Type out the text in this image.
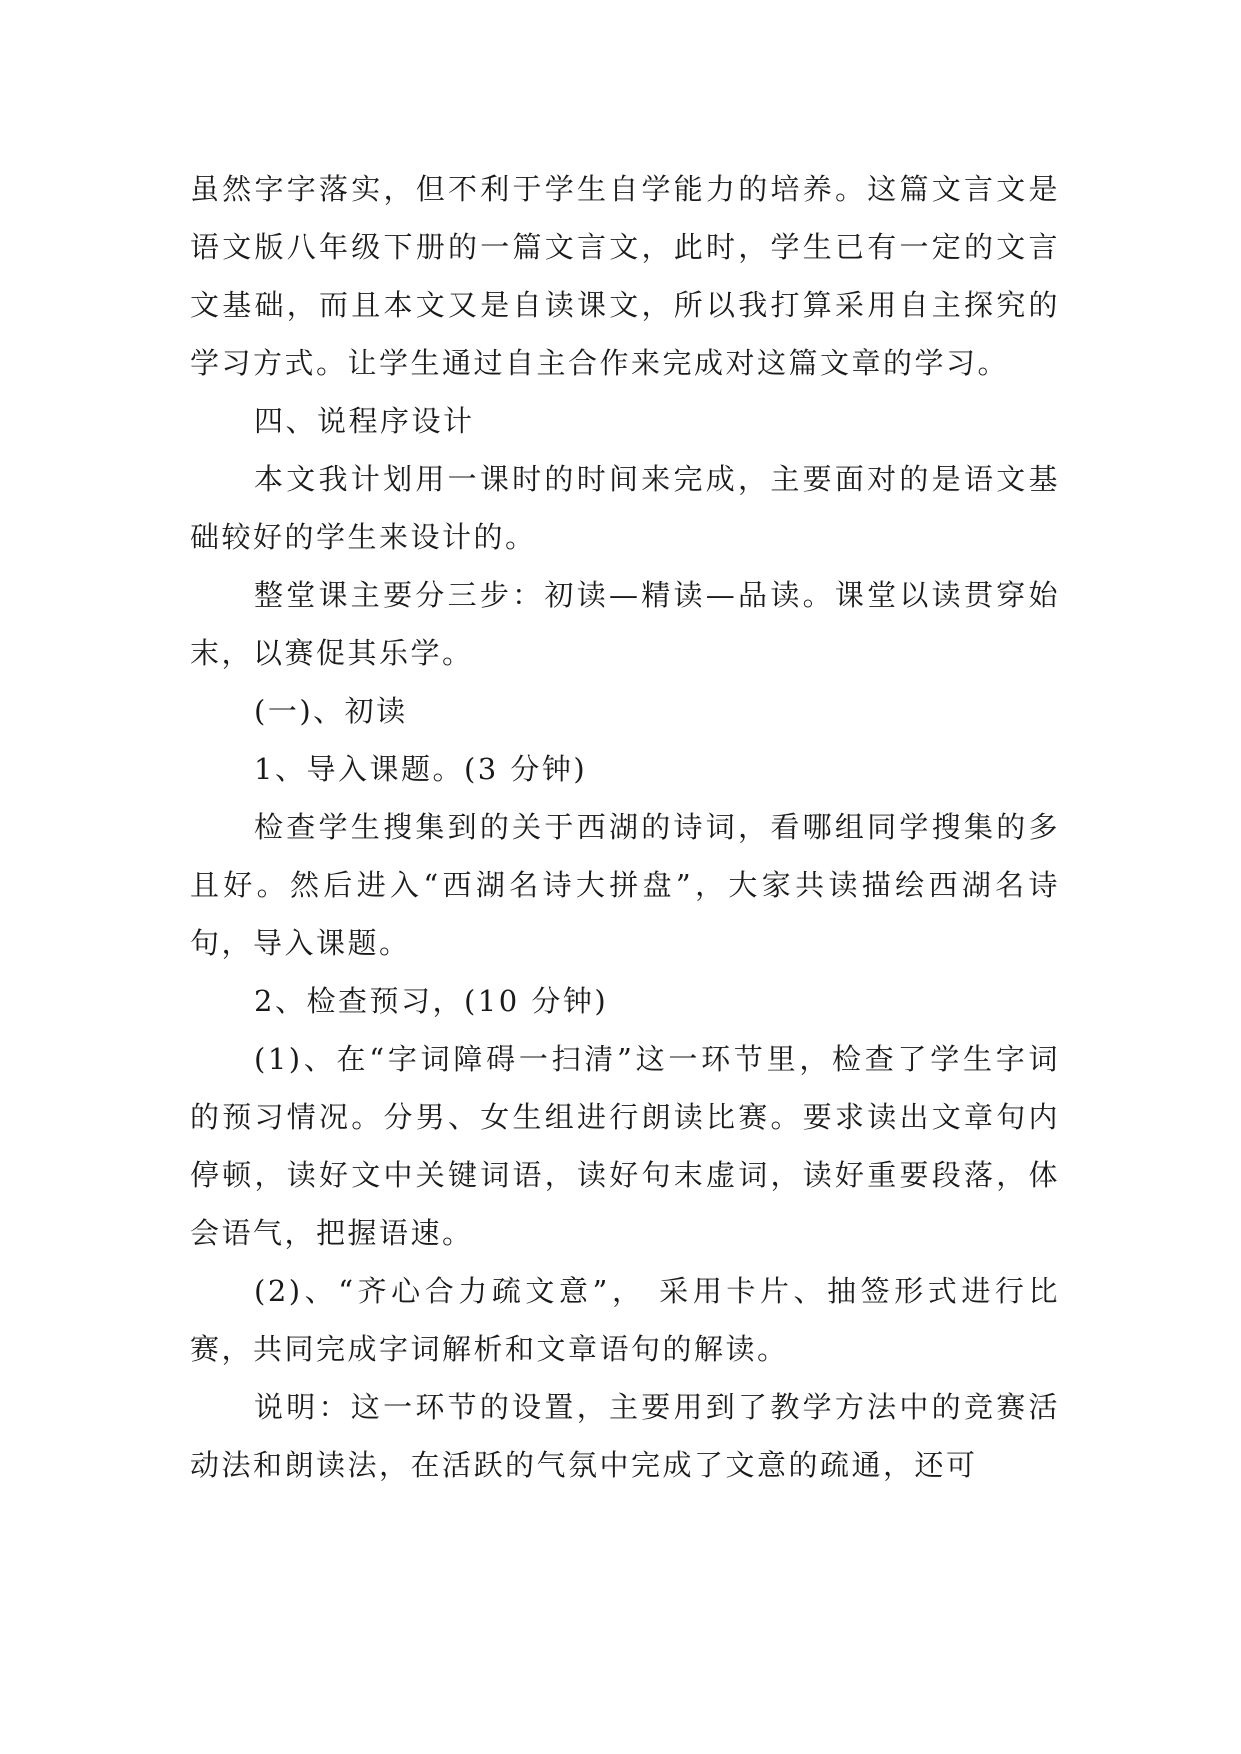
虽然字字落实，但不利于学生自学能力的培养。这篇文言文是语文版八年级下册的一篇文言文，此时，学生已有一定的文言文基础，而且本文又是自读课文，所以我打算采用自主探究的学习方式。让学生通过自主合作来完成对这篇文章的学习。

四、说程序设计

本文我计划用一课时的时间来完成，主要面对的是语文基础较好的学生来设计的。

整堂课主要分三步：初读—精读—品读。课堂以读贯穿始末，以赛促其乐学。

(一)、初读

1、导入课题。(3 分钟)

检查学生搜集到的关于西湖的诗词，看哪组同学搜集的多且好。然后进入“西湖名诗大拼盘”，大家共读描绘西湖名诗句，导入课题。

2、检查预习，(10 分钟)

(1)、在“字词障碍一扫清”这一环节里，检查了学生字词的预习情况。分男、女生组进行朗读比赛。要求读出文章句内停顿，读好文中关键词语，读好句末虚词，读好重要段落，体会语气，把握语速。

(2)、“齐心合力疏文意”， 采用卡片、抽签形式进行比赛，共同完成字词解析和文章语句的解读。

说明：这一环节的设置，主要用到了教学方法中的竞赛活动法和朗读法，在活跃的气氛中完成了文意的疏通，还可
